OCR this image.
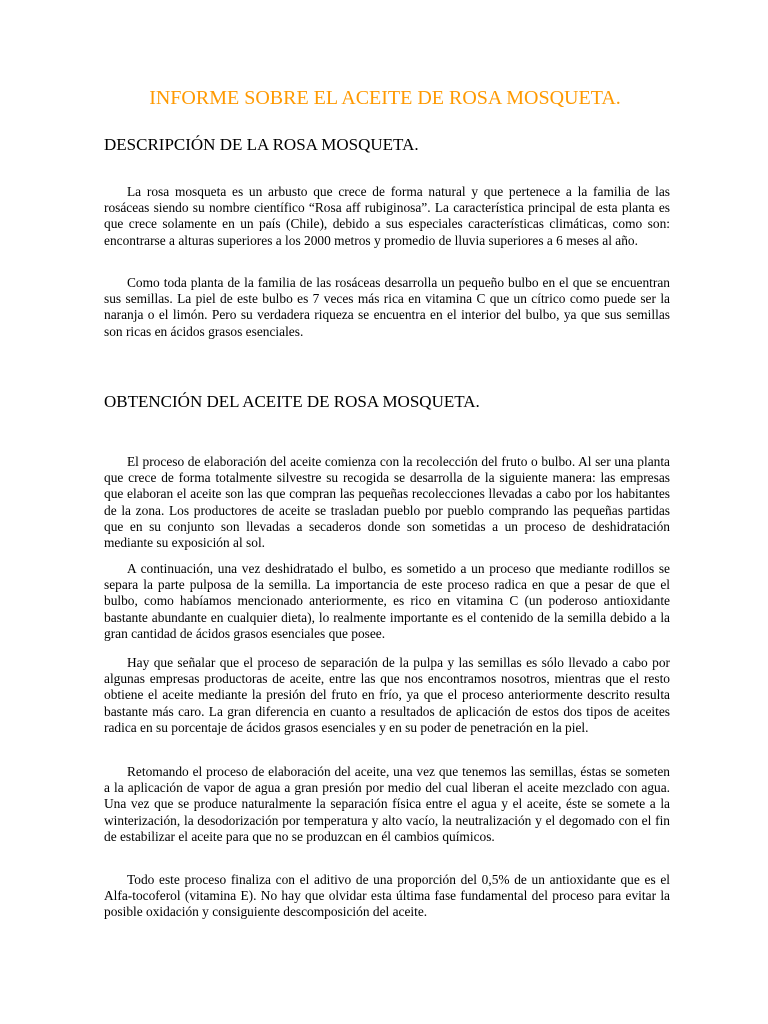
INFORME SOBRE EL ACEITE DE ROSA MOSQUETA.
DESCRIPCIÓN DE LA ROSA MOSQUETA.

La rosa mosqueta es un arbusto que crece de forma natural y que pertenece a la familia de las rosáceas siendo su nombre científico “Rosa aff rubiginosa”. La característica principal de esta planta es que crece solamente en un país (Chile), debido a sus especiales características climáticas, como son: encontrarse a alturas superiores a los 2000 metros y promedio de lluvia superiores a 6 meses al año.

Como toda planta de la familia de las rosáceas desarrolla un pequeño bulbo en el que se encuentran sus semillas. La piel de este bulbo es 7 veces más rica en vitamina C que un cítrico como puede ser la naranja o el limón. Pero su verdadera riqueza se encuentra en el interior del bulbo, ya que sus semillas son ricas en ácidos grasos esenciales.

OBTENCIÓN DEL ACEITE DE ROSA MOSQUETA.

El proceso de elaboración del aceite comienza con la recolección del fruto o bulbo. Al ser una planta que crece de forma totalmente silvestre su recogida se desarrolla de la siguiente manera: las empresas que elaboran el aceite son las que compran las pequeñas recolecciones llevadas a cabo por los habitantes de la zona. Los productores de aceite se trasladan pueblo por pueblo comprando las pequeñas partidas que en su conjunto son llevadas a secaderos donde son sometidas a un proceso de deshidratación mediante su exposición al sol.

A continuación, una vez deshidratado el bulbo, es sometido a un proceso que mediante rodillos se separa la parte pulposa de la semilla. La importancia de este proceso radica en que a pesar de que el bulbo, como habíamos mencionado anteriormente, es rico en vitamina C (un poderoso antioxidante bastante abundante en cualquier dieta), lo realmente importante es el contenido de la semilla debido a la gran cantidad de ácidos grasos esenciales que posee.

Hay que señalar que el proceso de separación de la pulpa y las semillas es sólo llevado a cabo por algunas empresas productoras de aceite, entre las que nos encontramos nosotros, mientras que el resto obtiene el aceite mediante la presión del fruto en frío, ya que el proceso anteriormente descrito resulta bastante más caro. La gran diferencia en cuanto a resultados de aplicación de estos dos tipos de aceites radica en su porcentaje de ácidos grasos esenciales y en su poder de penetración en la piel.

Retomando el proceso de elaboración del aceite, una vez que tenemos las semillas, éstas se someten a la aplicación de vapor de agua a gran presión por medio del cual liberan el aceite mezclado con agua. Una vez que se produce naturalmente la separación física entre el agua y el aceite, éste se somete a la winterización, la desodorización por temperatura y alto vacío, la neutralización y el degomado con el fin de estabilizar el aceite para que no se produzcan en él cambios químicos.

Todo este proceso finaliza con el aditivo de una proporción del 0,5% de un antioxidante que es el Alfa-tocoferol (vitamina E). No hay que olvidar esta última fase fundamental del proceso para evitar la posible oxidación y consiguiente descomposición del aceite.
